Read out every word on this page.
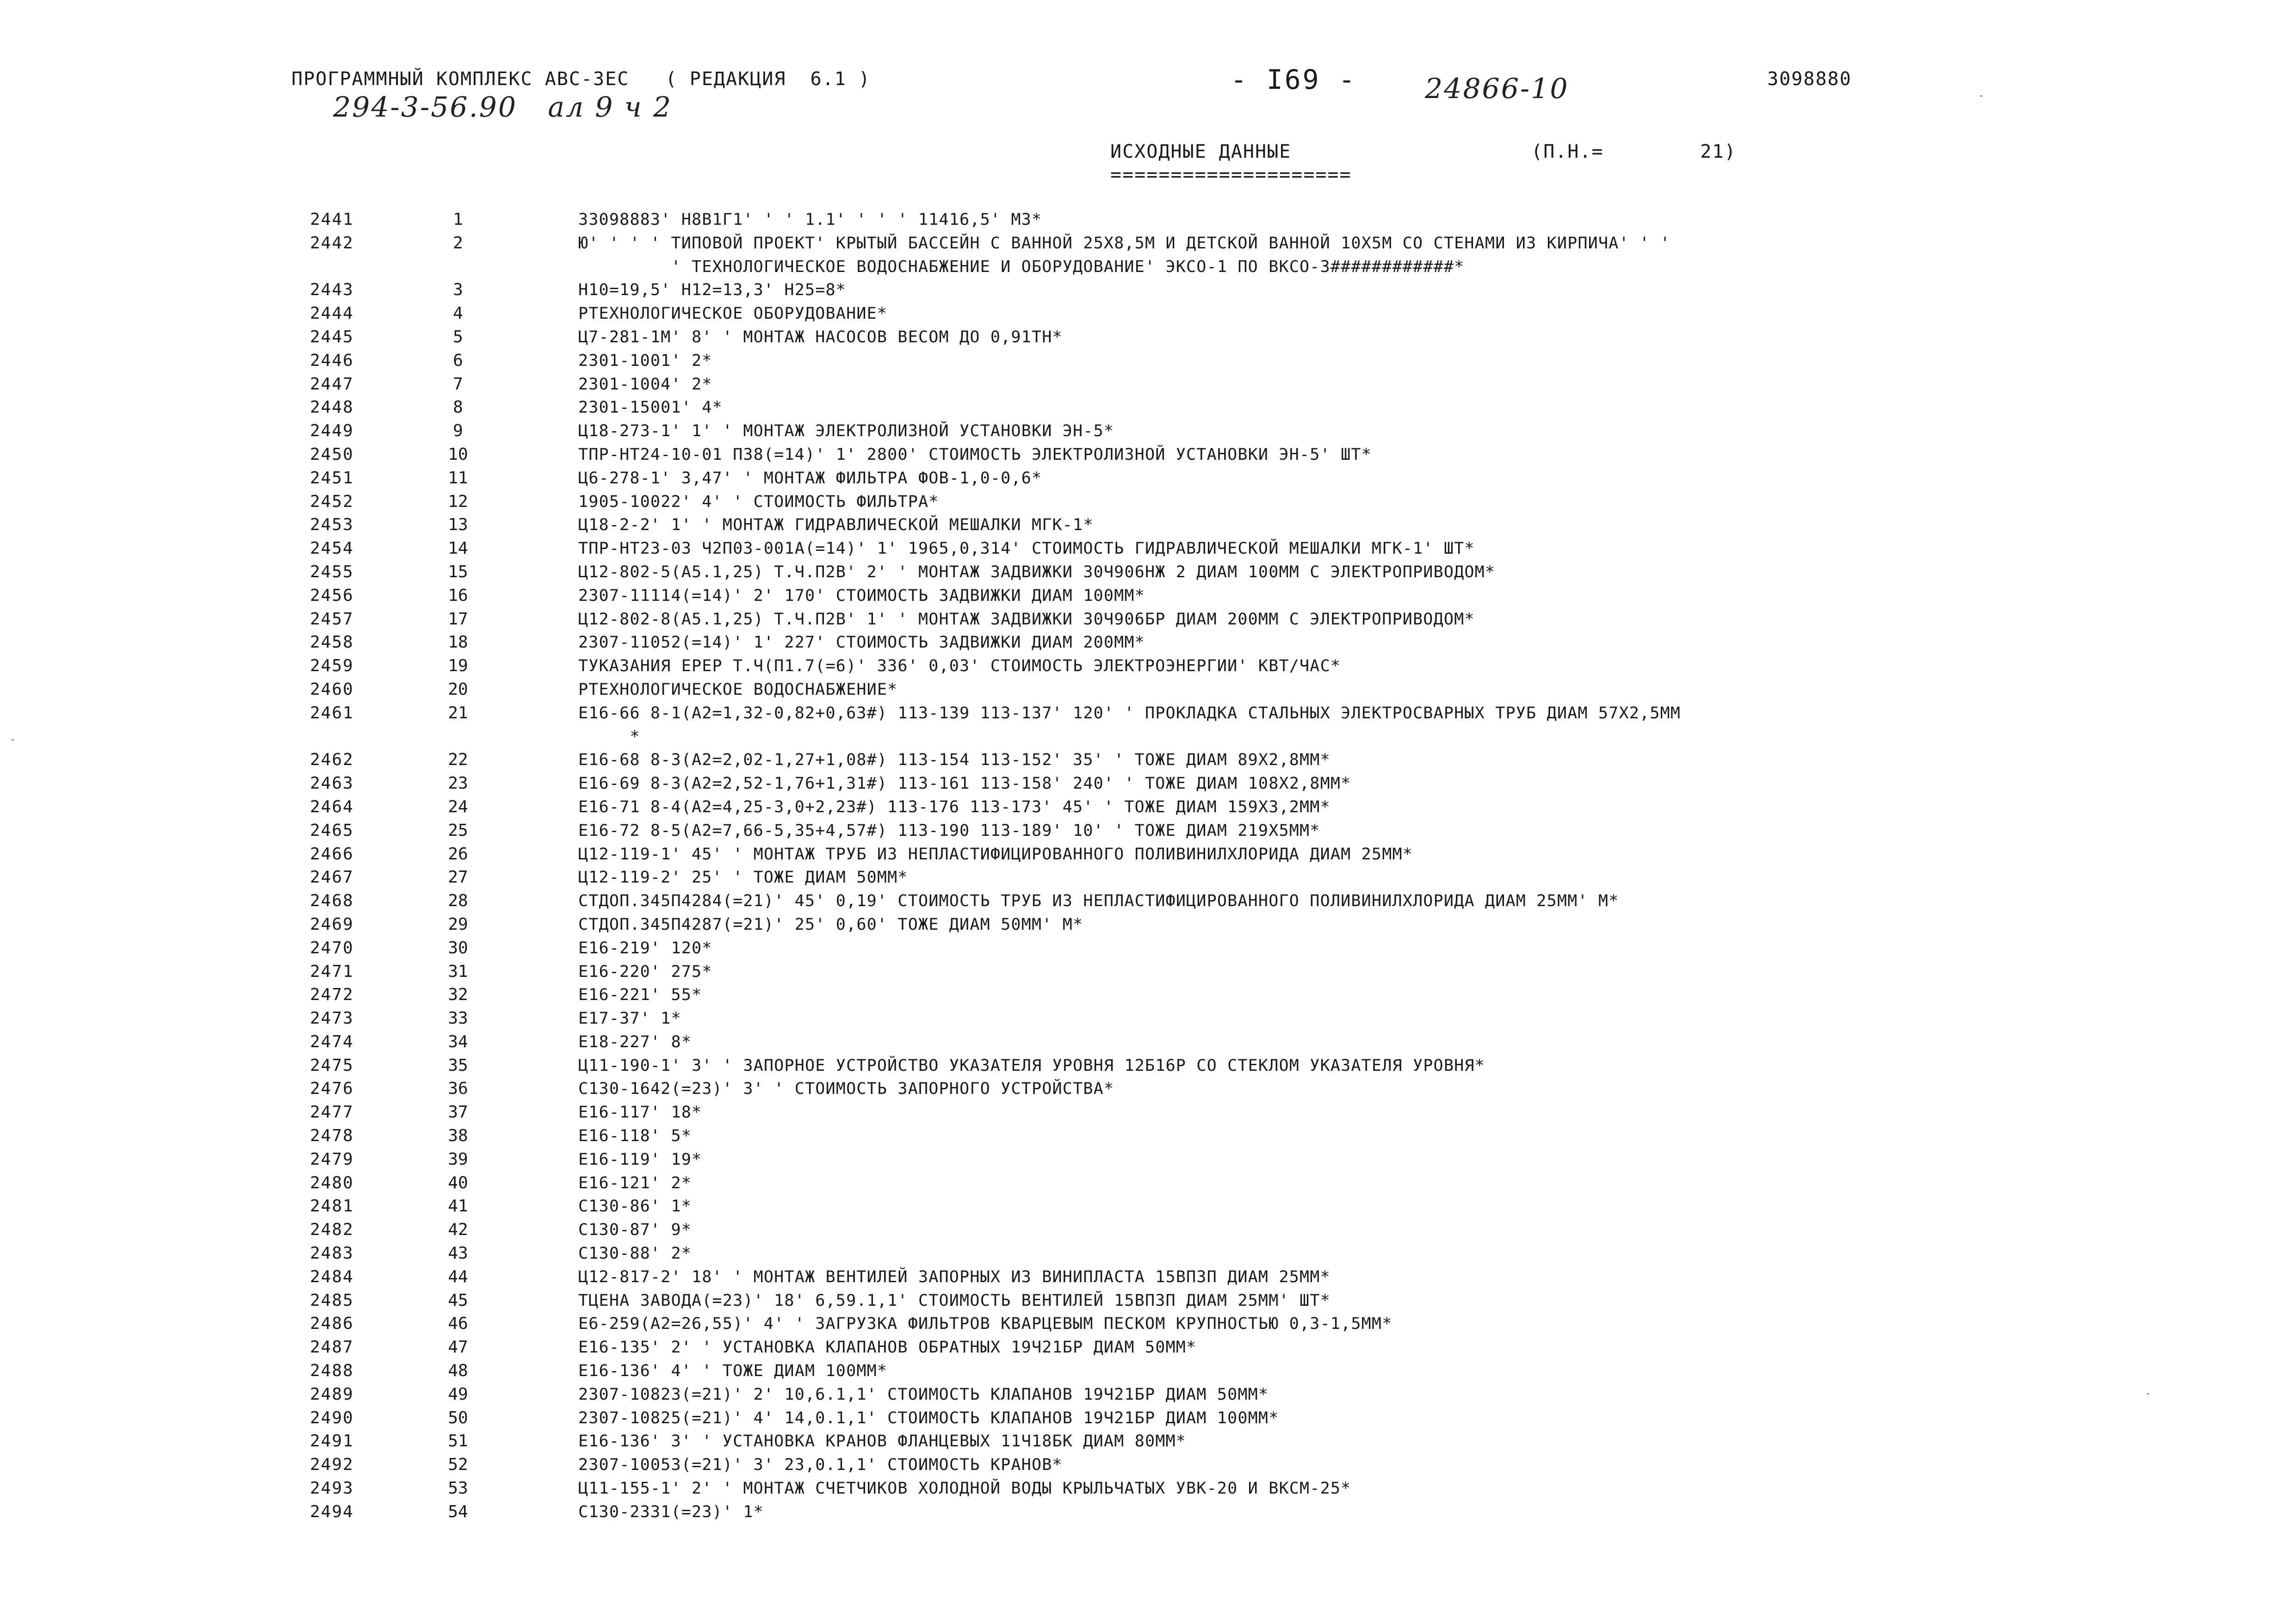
ПРОГРАММНЫЙ КОМПЛЕКС АВС-ЗЕС   ( РЕДАКЦИЯ  6.1 )
294-3-56.90   ал 9 ч 2
- I69 - 24866-10	3098880
ИСХОДНЫЕ ДАННЫЕ	(П.Н.=        21)
====================
2441	1	33098883' Н8В1Г1' ' ' 1.1' ' ' ' 11416,5' М3*
2442	2	Ю' ' ' ' ТИПОВОЙ ПРОЕКТ' КРЫТЫЙ БАССЕЙН С ВАННОЙ 25Х8,5М И ДЕТСКОЙ ВАННОЙ 10Х5М СО СТЕНАМИ ИЗ КИРПИЧА' ' '
' ТЕХНОЛОГИЧЕСКОЕ ВОДОСНАБЖЕНИЕ И ОБОРУДОВАНИЕ' ЭКСО-1 ПО ВКСО-3############*
2443	3	Н10=19,5' Н12=13,3' Н25=8*
2444	4	РТЕХНОЛОГИЧЕСКОЕ ОБОРУДОВАНИЕ*
2445	5	Ц7-281-1М' 8' ' МОНТАЖ НАСОСОВ ВЕСОМ ДО 0,91ТН*
2446	6	2301-1001' 2*
2447	7	2301-1004' 2*
2448	8	2301-15001' 4*
2449	9	Ц18-273-1' 1' ' МОНТАЖ ЭЛЕКТРОЛИЗНОЙ УСТАНОВКИ ЭН-5*
2450	10	ТПР-НТ24-10-01 П38(=14)' 1' 2800' СТОИМОСТЬ ЭЛЕКТРОЛИЗНОЙ УСТАНОВКИ ЭН-5' ШТ*
2451	11	Ц6-278-1' 3,47' ' МОНТАЖ ФИЛЬТРА ФОВ-1,0-0,6*
2452	12	1905-10022' 4' ' СТОИМОСТЬ ФИЛЬТРА*
2453	13	Ц18-2-2' 1' ' МОНТАЖ ГИДРАВЛИЧЕСКОЙ МЕШАЛКИ МГК-1*
2454	14	ТПР-НТ23-03 Ч2П03-001А(=14)' 1' 1965,0,314' СТОИМОСТЬ ГИДРАВЛИЧЕСКОЙ МЕШАЛКИ МГК-1' ШТ*
2455	15	Ц12-802-5(А5.1,25) Т.Ч.П2В' 2' ' МОНТАЖ ЗАДВИЖКИ 30Ч906НЖ 2 ДИАМ 100ММ С ЭЛЕКТРОПРИВОДОМ*
2456	16	2307-11114(=14)' 2' 170' СТОИМОСТЬ ЗАДВИЖКИ ДИАМ 100ММ*
2457	17	Ц12-802-8(А5.1,25) Т.Ч.П2В' 1' ' МОНТАЖ ЗАДВИЖКИ 30Ч906БР ДИАМ 200ММ С ЭЛЕКТРОПРИВОДОМ*
2458	18	2307-11052(=14)' 1' 227' СТОИМОСТЬ ЗАДВИЖКИ ДИАМ 200ММ*
2459	19	ТУКАЗАНИЯ ЕРЕР Т.Ч(П1.7(=6)' 336' 0,03' СТОИМОСТЬ ЭЛЕКТРОЭНЕРГИИ' КВТ/ЧАС*
2460	20	РТЕХНОЛОГИЧЕСКОЕ ВОДОСНАБЖЕНИЕ*
2461	21	Е16-66 8-1(А2=1,32-0,82+0,63#) 113-139 113-137' 120' ' ПРОКЛАДКА СТАЛЬНЫХ ЭЛЕКТРОСВАРНЫХ ТРУБ ДИАМ 57Х2,5ММ
*
2462	22	Е16-68 8-3(А2=2,02-1,27+1,08#) 113-154 113-152' 35' ' ТОЖЕ ДИАМ 89Х2,8ММ*
2463	23	Е16-69 8-3(А2=2,52-1,76+1,31#) 113-161 113-158' 240' ' ТОЖЕ ДИАМ 108Х2,8ММ*
2464	24	Е16-71 8-4(А2=4,25-3,0+2,23#) 113-176 113-173' 45' ' ТОЖЕ ДИАМ 159Х3,2ММ*
2465	25	Е16-72 8-5(А2=7,66-5,35+4,57#) 113-190 113-189' 10' ' ТОЖЕ ДИАМ 219Х5ММ*
2466	26	Ц12-119-1' 45' ' МОНТАЖ ТРУБ ИЗ НЕПЛАСТИФИЦИРОВАННОГО ПОЛИВИНИЛХЛОРИДА ДИАМ 25ММ*
2467	27	Ц12-119-2' 25' ' ТОЖЕ ДИАМ 50ММ*
2468	28	СТДОП.345П4284(=21)' 45' 0,19' СТОИМОСТЬ ТРУБ ИЗ НЕПЛАСТИФИЦИРОВАННОГО ПОЛИВИНИЛХЛОРИДА ДИАМ 25ММ' М*
2469	29	СТДОП.345П4287(=21)' 25' 0,60' ТОЖЕ ДИАМ 50ММ' М*
2470	30	Е16-219' 120*
2471	31	Е16-220' 275*
2472	32	Е16-221' 55*
2473	33	Е17-37' 1*
2474	34	Е18-227' 8*
2475	35	Ц11-190-1' 3' ' ЗАПОРНОЕ УСТРОЙСТВО УКАЗАТЕЛЯ УРОВНЯ 12Б16Р СО СТЕКЛОМ УКАЗАТЕЛЯ УРОВНЯ*
2476	36	С130-1642(=23)' 3' ' СТОИМОСТЬ ЗАПОРНОГО УСТРОЙСТВА*
2477	37	Е16-117' 18*
2478	38	Е16-118' 5*
2479	39	Е16-119' 19*
2480	40	Е16-121' 2*
2481	41	С130-86' 1*
2482	42	С130-87' 9*
2483	43	С130-88' 2*
2484	44	Ц12-817-2' 18' ' МОНТАЖ ВЕНТИЛЕЙ ЗАПОРНЫХ ИЗ ВИНИПЛАСТА 15ВП3П ДИАМ 25ММ*
2485	45	ТЦЕНА ЗАВОДА(=23)' 18' 6,59.1,1' СТОИМОСТЬ ВЕНТИЛЕЙ 15ВП3П ДИАМ 25ММ' ШТ*
2486	46	Е6-259(А2=26,55)' 4' ' ЗАГРУЗКА ФИЛЬТРОВ КВАРЦЕВЫМ ПЕСКОМ КРУПНОСТЬЮ 0,3-1,5ММ*
2487	47	Е16-135' 2' ' УСТАНОВКА КЛАПАНОВ ОБРАТНЫХ 19Ч21БР ДИАМ 50ММ*
2488	48	Е16-136' 4' ' ТОЖЕ ДИАМ 100ММ*
2489	49	2307-10823(=21)' 2' 10,6.1,1' СТОИМОСТЬ КЛАПАНОВ 19Ч21БР ДИАМ 50ММ*
2490	50	2307-10825(=21)' 4' 14,0.1,1' СТОИМОСТЬ КЛАПАНОВ 19Ч21БР ДИАМ 100ММ*
2491	51	Е16-136' 3' ' УСТАНОВКА КРАНОВ ФЛАНЦЕВЫХ 11Ч18БК ДИАМ 80ММ*
2492	52	2307-10053(=21)' 3' 23,0.1,1' СТОИМОСТЬ КРАНОВ*
2493	53	Ц11-155-1' 2' ' МОНТАЖ СЧЕТЧИКОВ ХОЛОДНОЙ ВОДЫ КРЫЛЬЧАТЫХ УВК-20 И ВКСМ-25*
2494	54	С130-2331(=23)' 1*
